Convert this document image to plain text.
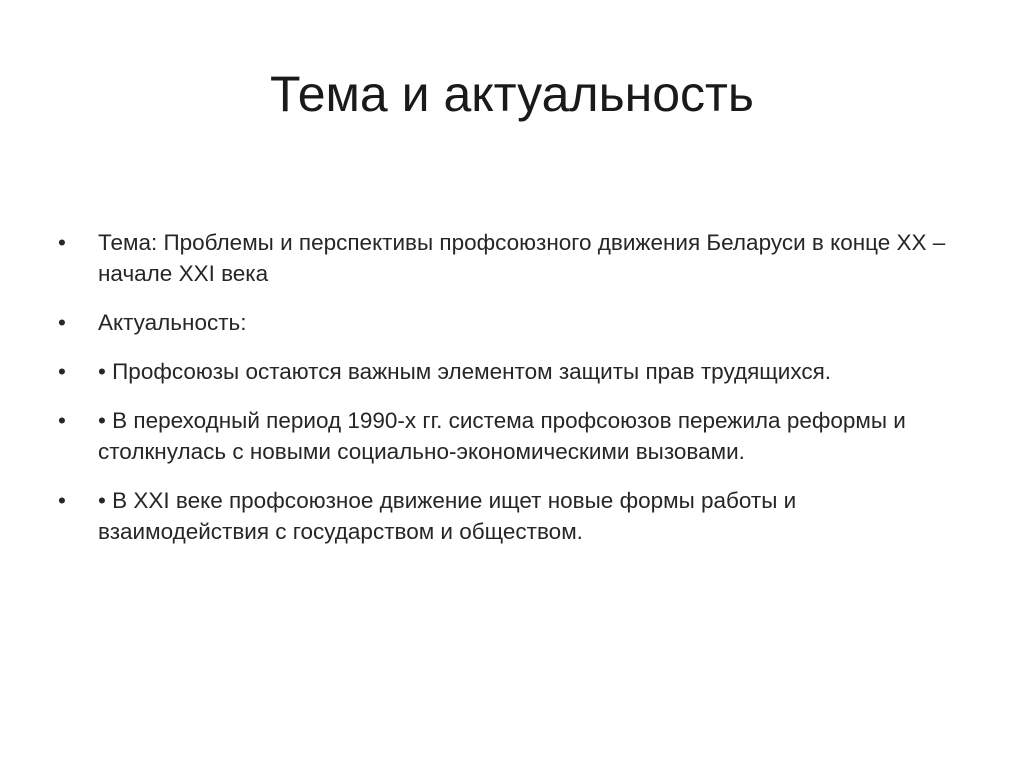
Тема и актуальность
•	Тема: Проблемы и перспективы профсоюзного движения Беларуси в конце XX – начале XXI века
•	Актуальность:
•	• Профсоюзы остаются важным элементом защиты прав трудящихся.
•	• В переходный период 1990-х гг. система профсоюзов пережила реформы и столкнулась с новыми социально-экономическими вызовами.
•	• В XXI веке профсоюзное движение ищет новые формы работы и взаимодействия с государством и обществом.
